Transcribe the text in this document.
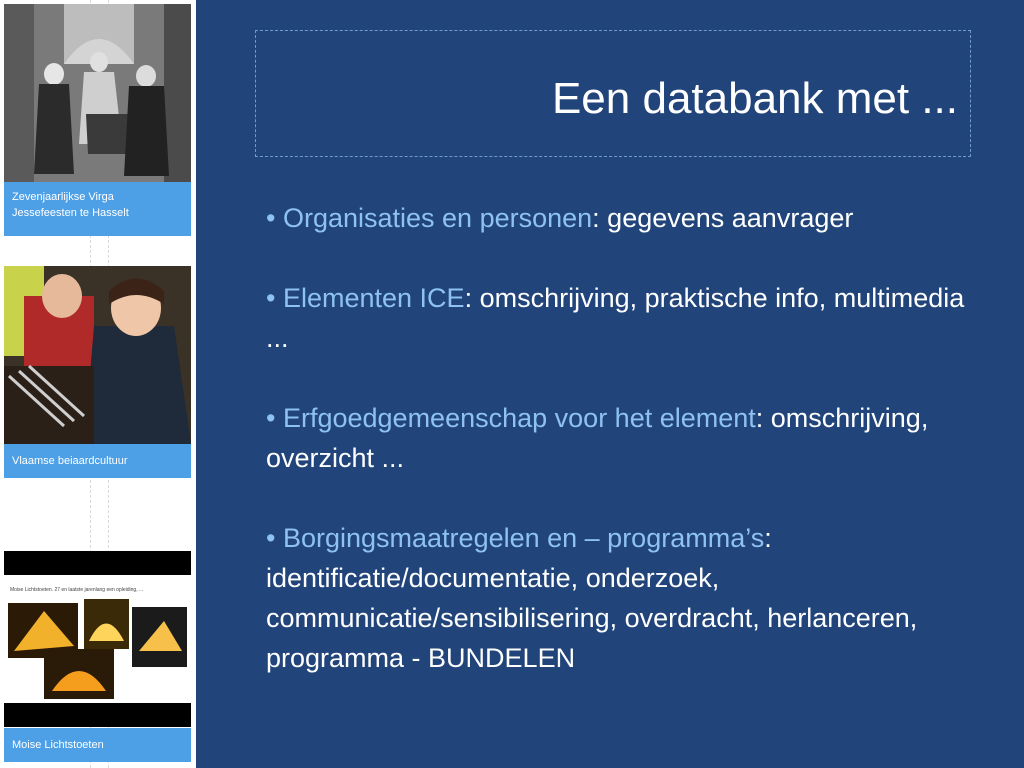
Zevenjaarlijkse Virga
Jessefeesten te Hasselt
Vlaamse beiaardcultuur
Moise Lichtstoeten. 27 en laatste jarenlang een opleiding, ...
Moise Lichtstoeten
Een databank met ...
• Organisaties en personen: gegevens aanvrager
• Elementen ICE: omschrijving, praktische info, multimedia ...
• Erfgoedgemeenschap voor het element: omschrijving, overzicht ...
• Borgingsmaatregelen en – programma’s: identificatie/documentatie, onderzoek, communicatie/sensibilisering, overdracht, herlanceren, programma - BUNDELEN
